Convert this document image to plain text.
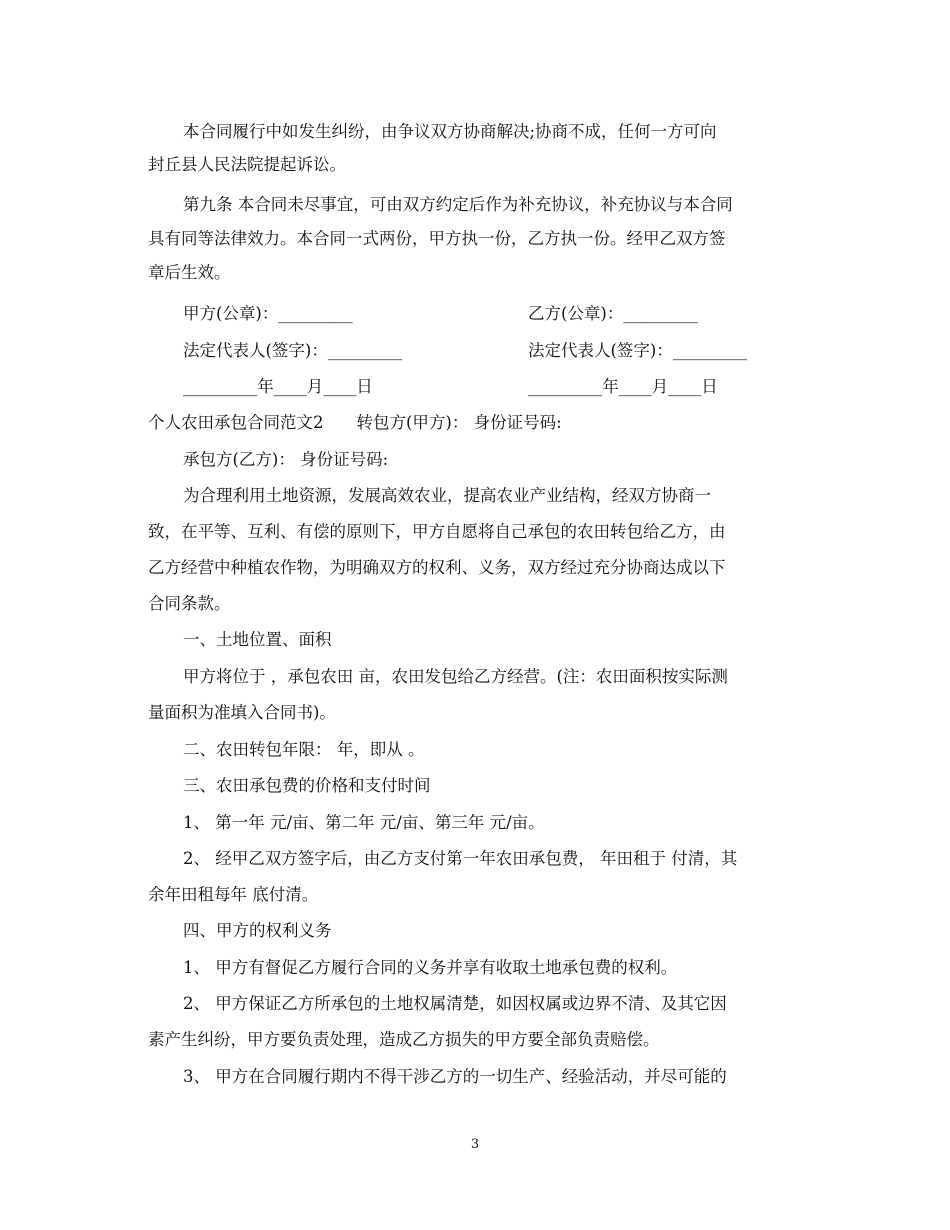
本合同履行中如发生纠纷，由争议双方协商解决;协商不成，任何一方可向
封丘县人民法院提起诉讼。
第九条 本合同未尽事宜，可由双方约定后作为补充协议，补充协议与本合同
具有同等法律效力。本合同一式两份，甲方执一份，乙方执一份。经甲乙双方签
章后生效。
甲方(公章)：_________	乙方(公章)：_________
法定代表人(签字)：_________	法定代表人(签字)：_________
_________年____月____日	_________年____月____日
个人农田承包合同范文2　　转包方(甲方)： 身份证号码:
承包方(乙方)： 身份证号码:
为合理利用土地资源，发展高效农业，提高农业产业结构，经双方协商一
致，在平等、互利、有偿的原则下，甲方自愿将自己承包的农田转包给乙方，由
乙方经营中种植农作物，为明确双方的权利、义务，双方经过充分协商达成以下
合同条款。
一、土地位置、面积
甲方将位于 ，承包农田 亩，农田发包给乙方经营。(注：农田面积按实际测
量面积为准填入合同书)。
二、农田转包年限： 年，即从 。
三、农田承包费的价格和支付时间
1、 第一年 元/亩、第二年 元/亩、第三年 元/亩。
2、 经甲乙双方签字后，由乙方支付第一年农田承包费， 年田租于 付清，其
余年田租每年 底付清。
四、甲方的权利义务
1、 甲方有督促乙方履行合同的义务并享有收取土地承包费的权利。
2、 甲方保证乙方所承包的土地权属清楚，如因权属或边界不清、及其它因
素产生纠纷，甲方要负责处理，造成乙方损失的甲方要全部负责赔偿。
3、 甲方在合同履行期内不得干涉乙方的一切生产、经验活动，并尽可能的
3
